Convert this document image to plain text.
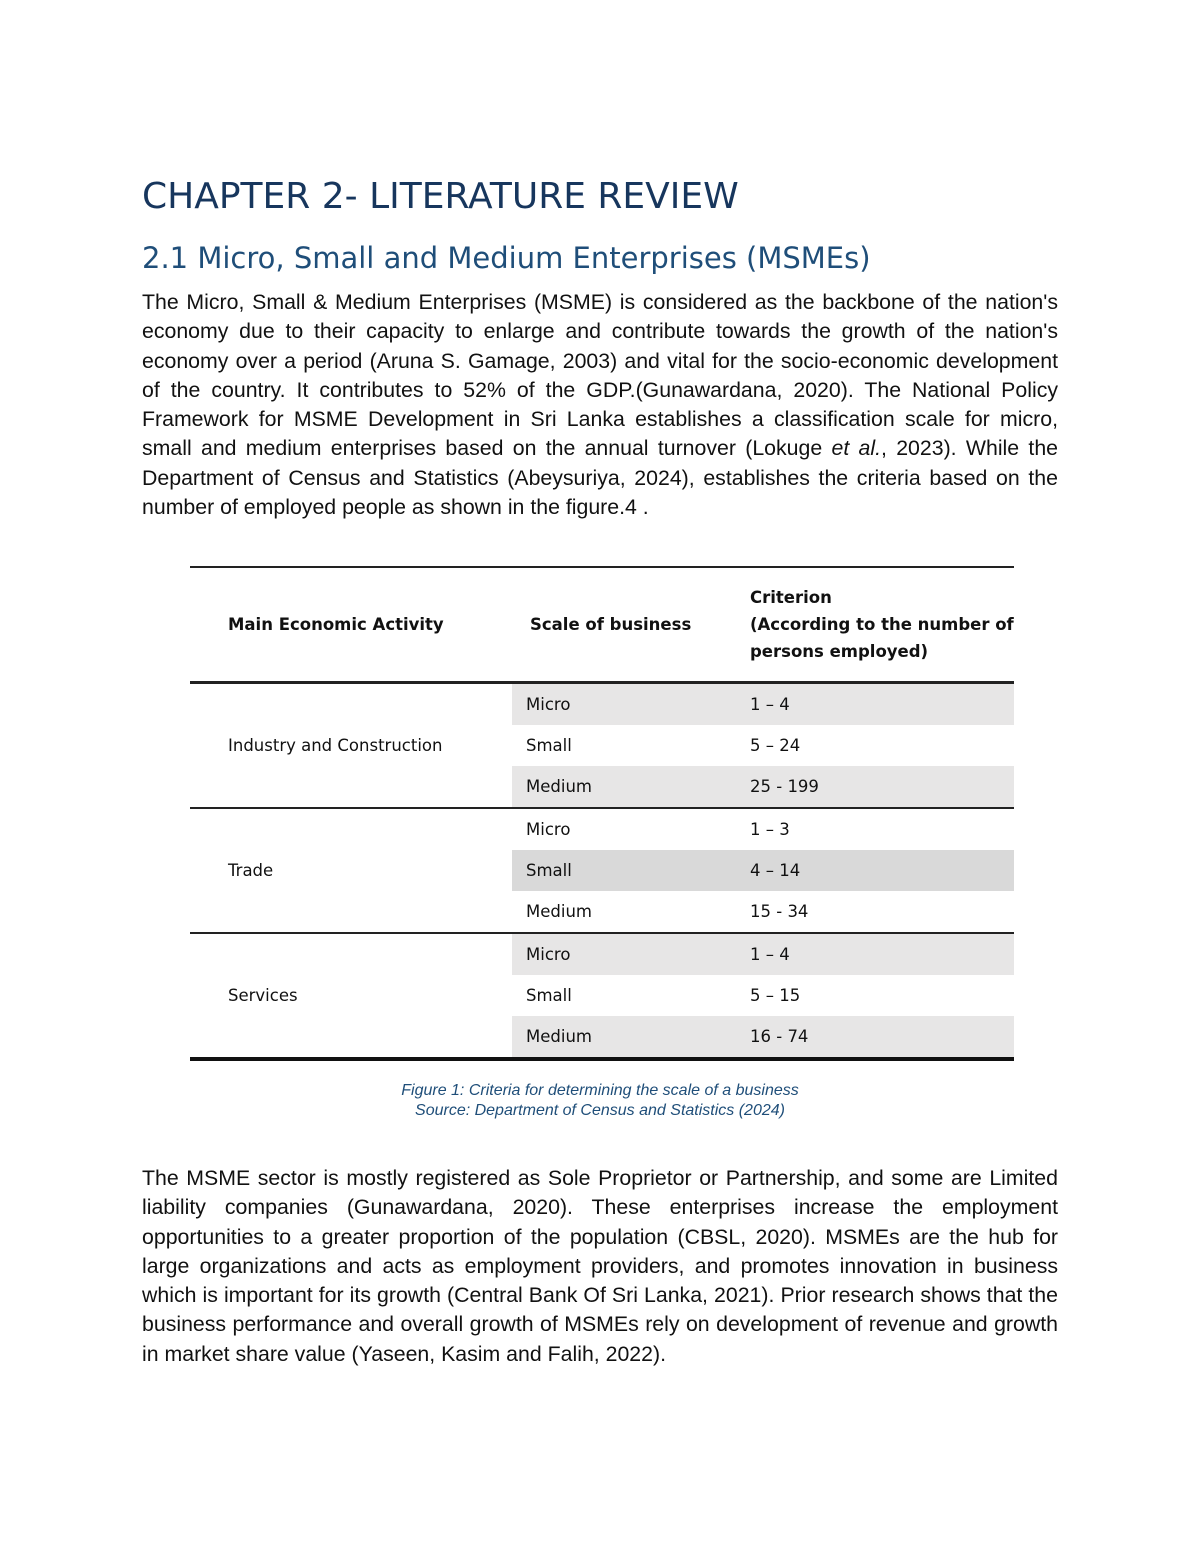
CHAPTER 2- LITERATURE REVIEW
2.1 Micro, Small and Medium Enterprises (MSMEs)

The Micro, Small & Medium Enterprises (MSME) is considered as the backbone of the nation's economy due to their capacity to enlarge and contribute towards the growth of the nation's economy over a period (Aruna S. Gamage, 2003) and vital for the socio-economic development of the country. It contributes to 52% of the GDP.(Gunawardana, 2020). The National Policy Framework for MSME Development in Sri Lanka establishes a classification scale for micro, small and medium enterprises based on the annual turnover (Lokuge et al., 2023). While the Department of Census and Statistics (Abeysuriya, 2024), establishes the criteria based on the number of employed people as shown in the figure.4 .

Main Economic Activity	Scale of business	Criterion
(According to the number of persons employed)

Industry and Construction	Micro	1 – 4
	Small	5 – 24
	Medium	25 - 199
Trade	Micro	1 – 3
	Small	4 – 14
	Medium	15 - 34
Services	Micro	1 – 4
	Small	5 – 15
	Medium	16 - 74
Figure 1: Criteria for determining the scale of a business
Source: Department of Census and Statistics (2024)

The MSME sector is mostly registered as Sole Proprietor or Partnership, and some are Limited liability companies (Gunawardana, 2020). These enterprises increase the employment opportunities to a greater proportion of the population (CBSL, 2020). MSMEs are the hub for large organizations and acts as employment providers, and promotes innovation in business which is important for its growth (Central Bank Of Sri Lanka, 2021). Prior research shows that the business performance and overall growth of MSMEs rely on development of revenue and growth in market share value (Yaseen, Kasim and Falih, 2022).
